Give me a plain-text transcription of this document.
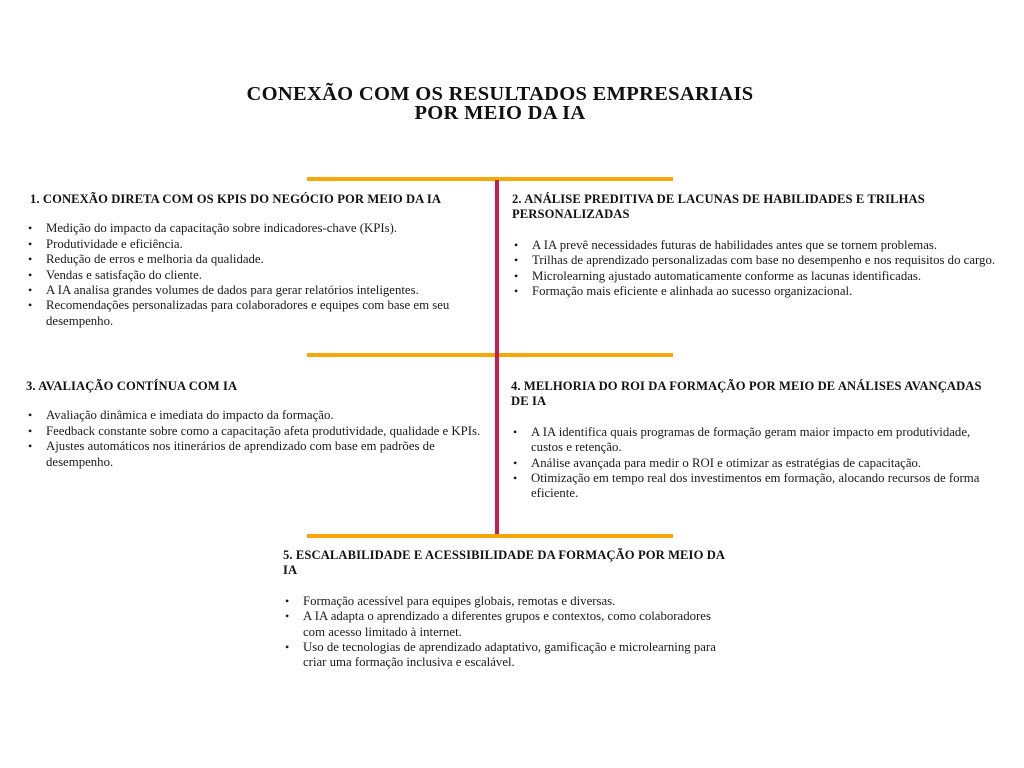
CONEXÃO COM OS RESULTADOS EMPRESARIAIS
POR MEIO DA IA
1. CONEXÃO DIRETA COM OS KPIS DO NEGÓCIO POR MEIO DA IA
• Medição do impacto da capacitação sobre indicadores-chave (KPIs).
• Produtividade e eficiência.
• Redução de erros e melhoria da qualidade.
• Vendas e satisfação do cliente.
• A IA analisa grandes volumes de dados para gerar relatórios inteligentes.
• Recomendações personalizadas para colaboradores e equipes com base em seu desempenho.
2. ANÁLISE PREDITIVA DE LACUNAS DE HABILIDADES E TRILHAS PERSONALIZADAS
• A IA prevê necessidades futuras de habilidades antes que se tornem problemas.
• Trilhas de aprendizado personalizadas com base no desempenho e nos requisitos do cargo.
• Microlearning ajustado automaticamente conforme as lacunas identificadas.
• Formação mais eficiente e alinhada ao sucesso organizacional.
3. AVALIAÇÃO CONTÍNUA COM IA
• Avaliação dinâmica e imediata do impacto da formação.
• Feedback constante sobre como a capacitação afeta produtividade, qualidade e KPIs.
• Ajustes automáticos nos itinerários de aprendizado com base em padrões de desempenho.
4. MELHORIA DO ROI DA FORMAÇÃO POR MEIO DE ANÁLISES AVANÇADAS DE IA
• A IA identifica quais programas de formação geram maior impacto em produtividade, custos e retenção.
• Análise avançada para medir o ROI e otimizar as estratégias de capacitação.
• Otimização em tempo real dos investimentos em formação, alocando recursos de forma eficiente.
5. ESCALABILIDADE E ACESSIBILIDADE DA FORMAÇÃO POR MEIO DA IA
• Formação acessível para equipes globais, remotas e diversas.
• A IA adapta o aprendizado a diferentes grupos e contextos, como colaboradores com acesso limitado à internet.
• Uso de tecnologias de aprendizado adaptativo, gamificação e microlearning para criar uma formação inclusiva e escalável.
